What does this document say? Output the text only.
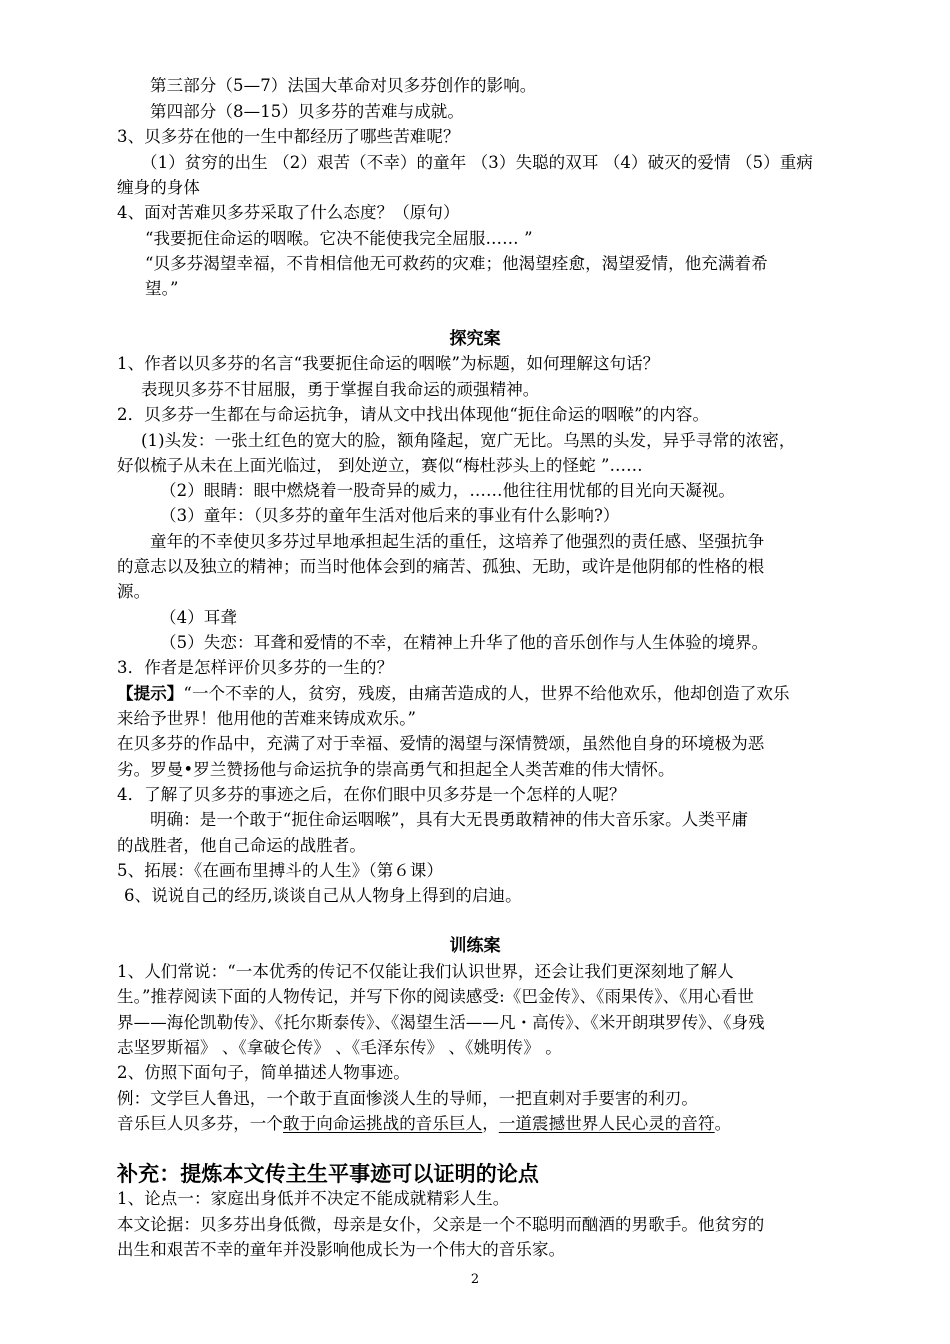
第三部分（5—7）法国大革命对贝多芬创作的影响。
第四部分（8—15）贝多芬的苦难与成就。
3、贝多芬在他的一生中都经历了哪些苦难呢？
（1）贫穷的出生 （2）艰苦（不幸）的童年 （3）失聪的双耳 （4）破灭的爱情 （5）重病
缠身的身体
4、面对苦难贝多芬采取了什么态度？（原句）
“我要扼住命运的咽喉。它决不能使我完全屈服…… ”
“贝多芬渴望幸福，不肯相信他无可救药的灾难；他渴望痊愈，渴望爱情，他充满着希
望。”
探究案
1、作者以贝多芬的名言“我要扼住命运的咽喉”为标题，如何理解这句话？
表现贝多芬不甘屈服，勇于掌握自我命运的顽强精神。
2．贝多芬一生都在与命运抗争，请从文中找出体现他“扼住命运的咽喉”的内容。
(1)头发：一张土红色的宽大的脸，额角隆起，宽广无比。乌黑的头发，异乎寻常的浓密，
好似梳子从未在上面光临过， 到处逆立，赛似“梅杜莎头上的怪蛇 ”……
（2）眼睛：眼中燃烧着一股奇异的威力，……他往往用忧郁的目光向天凝视。
（3）童年：（贝多芬的童年生活对他后来的事业有什么影响?）
童年的不幸使贝多芬过早地承担起生活的重任，这培养了他强烈的责任感、坚强抗争
的意志以及独立的精神；而当时他体会到的痛苦、孤独、无助，或许是他阴郁的性格的根
源。
（4）耳聋
（5）失恋：耳聋和爱情的不幸，在精神上升华了他的音乐创作与人生体验的境界。
3．作者是怎样评价贝多芬的一生的？
【提示】“一个不幸的人，贫穷，残废，由痛苦造成的人，世界不给他欢乐，他却创造了欢乐
来给予世界！他用他的苦难来铸成欢乐。”
在贝多芬的作品中，充满了对于幸福、爱情的渴望与深情赞颂，虽然他自身的环境极为恶
劣。罗曼•罗兰赞扬他与命运抗争的崇高勇气和担起全人类苦难的伟大情怀。
4．了解了贝多芬的事迹之后，在你们眼中贝多芬是一个怎样的人呢？
明确：是一个敢于“扼住命运咽喉”，具有大无畏勇敢精神的伟大音乐家。人类平庸
的战胜者，他自己命运的战胜者。
5、拓展：《在画布里搏斗的人生》（第６课）
6、说说自己的经历,谈谈自己从人物身上得到的启迪。
训练案
1、人们常说：“一本优秀的传记不仅能让我们认识世界，还会让我们更深刻地了解人
生。”推荐阅读下面的人物传记，并写下你的阅读感受:《巴金传》、《雨果传》、《用心看世
界——海伦凯勒传》、《托尔斯泰传》、《渴望生活——凡・高传》、《米开朗琪罗传》、《身残
志坚罗斯福》 、《拿破仑传》 、《毛泽东传》 、《姚明传》 。
2、仿照下面句子，简单描述人物事迹。
例：文学巨人鲁迅，一个敢于直面惨淡人生的导师，一把直刺对手要害的利刃。
音乐巨人贝多芬，一个敢于向命运挑战的音乐巨人，一道震撼世界人民心灵的音符。
补充：提炼本文传主生平事迹可以证明的论点
1、论点一：家庭出身低并不决定不能成就精彩人生。
本文论据：贝多芬出身低微，母亲是女仆，父亲是一个不聪明而酗酒的男歌手。他贫穷的
出生和艰苦不幸的童年并没影响他成长为一个伟大的音乐家。
2
